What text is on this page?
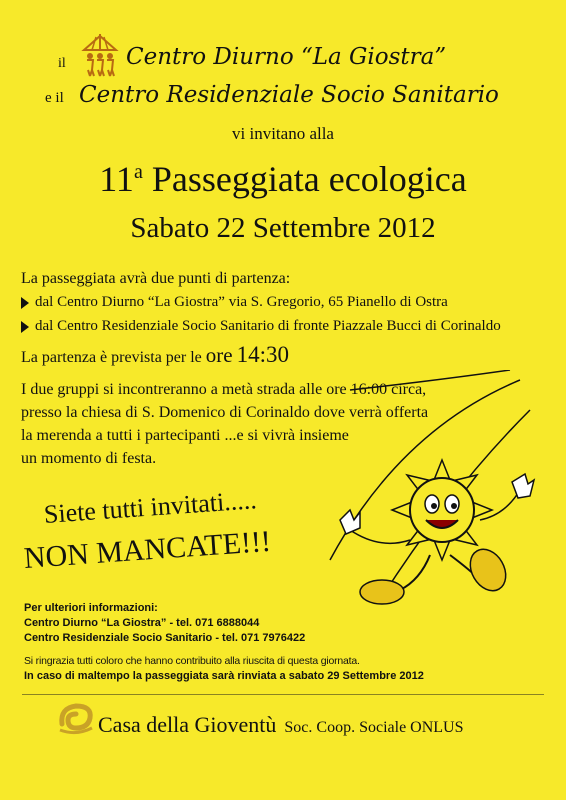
il	Centro Diurno “La Giostra”
e il Centro Residenziale Socio Sanitario
vi invitano alla
11$^a$ Passeggiata ecologica
Sabato 22 Settembre 2012
La passeggiata avrà due punti di partenza:
dal Centro Diurno “La Giostra” via S. Gregorio, 65 Pianello di Ostra
dal Centro Residenziale Socio Sanitario di fronte Piazzale Bucci di Corinaldo
La partenza è prevista per le ore 14:30
I due gruppi si incontreranno a metà strada alle ore 16:00 circa,
presso la chiesa di S. Domenico di Corinaldo dove verrà offerta
la merenda a tutti i partecipanti ...e si vivrà insieme
un momento di festa.
Siete tutti invitati.....
NON MANCATE!!!
Per ulteriori informazioni:
Centro Diurno “La Giostra” - tel. 071 6888044
Centro Residenziale Socio Sanitario - tel. 071 7976422
Si ringrazia tutti coloro che hanno contribuito alla riuscita di questa giornata.
In caso di maltempo la passeggiata sarà rinviata a sabato 29 Settembre 2012
Casa della Gioventù Soc. Coop. Sociale ONLUS
